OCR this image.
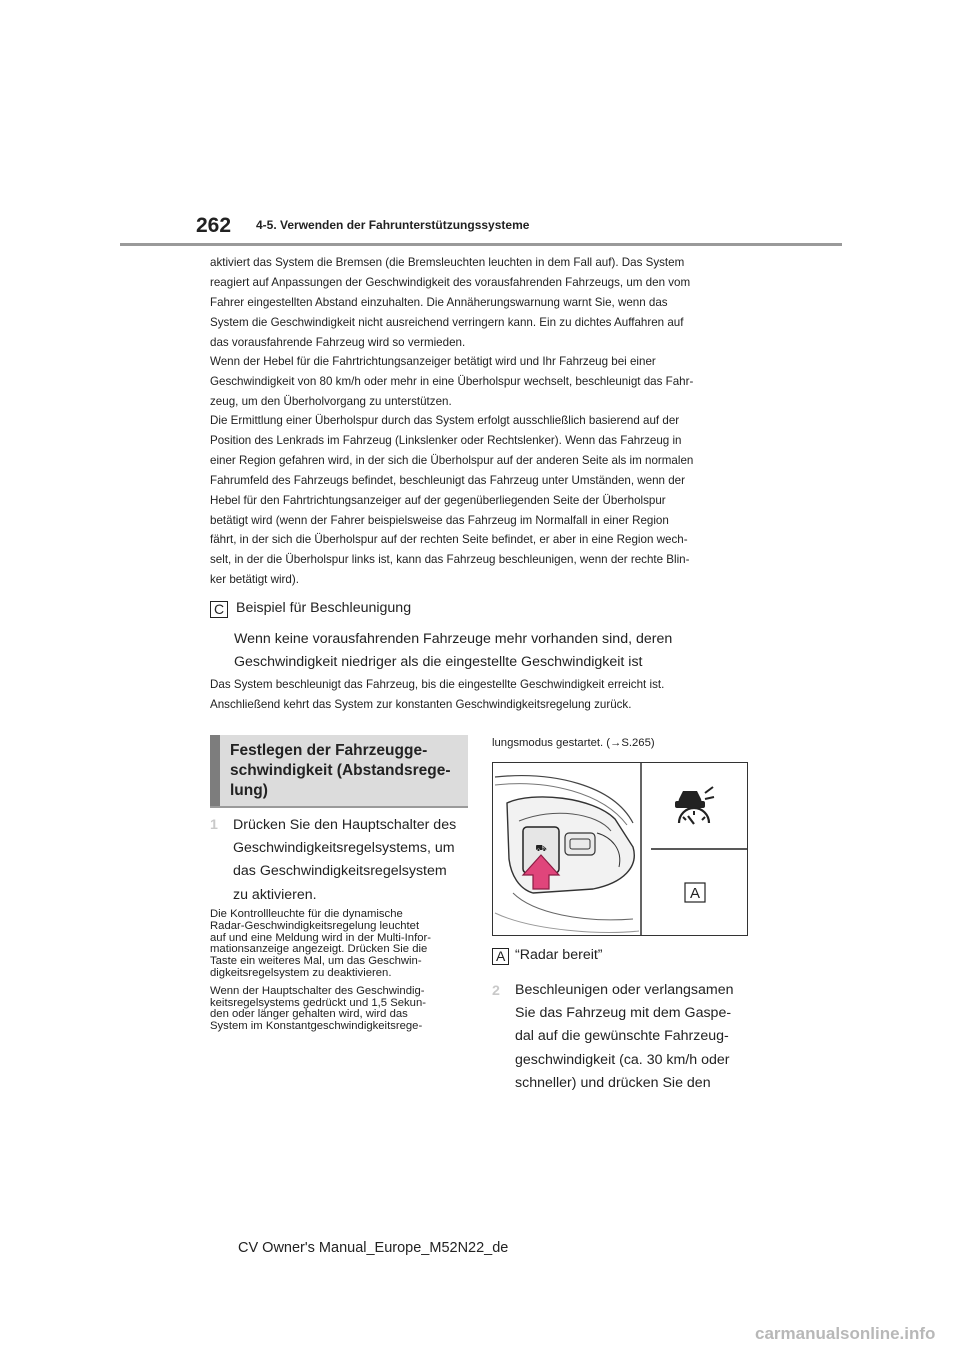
262 4-5. Verwenden der Fahrunterstützungssysteme
aktiviert das System die Bremsen (die Bremsleuchten leuchten in dem Fall auf). Das System
reagiert auf Anpassungen der Geschwindigkeit des vorausfahrenden Fahrzeugs, um den vom
Fahrer eingestellten Abstand einzuhalten. Die Annäherungswarnung warnt Sie, wenn das
System die Geschwindigkeit nicht ausreichend verringern kann. Ein zu dichtes Auffahren auf
das vorausfahrende Fahrzeug wird so vermieden.
Wenn der Hebel für die Fahrtrichtungsanzeiger betätigt wird und Ihr Fahrzeug bei einer
Geschwindigkeit von 80 km/h oder mehr in eine Überholspur wechselt, beschleunigt das Fahr-
zeug, um den Überholvorgang zu unterstützen.
Die Ermittlung einer Überholspur durch das System erfolgt ausschließlich basierend auf der
Position des Lenkrads im Fahrzeug (Linkslenker oder Rechtslenker). Wenn das Fahrzeug in
einer Region gefahren wird, in der sich die Überholspur auf der anderen Seite als im normalen
Fahrumfeld des Fahrzeugs befindet, beschleunigt das Fahrzeug unter Umständen, wenn der
Hebel für den Fahrtrichtungsanzeiger auf der gegenüberliegenden Seite der Überholspur
betätigt wird (wenn der Fahrer beispielsweise das Fahrzeug im Normalfall in einer Region
fährt, in der sich die Überholspur auf der rechten Seite befindet, er aber in eine Region wech-
selt, in der die Überholspur links ist, kann das Fahrzeug beschleunigen, wenn der rechte Blin-
ker betätigt wird).
C Beispiel für Beschleunigung
Wenn keine vorausfahrenden Fahrzeuge mehr vorhanden sind, deren
Geschwindigkeit niedriger als die eingestellte Geschwindigkeit ist
Das System beschleunigt das Fahrzeug, bis die eingestellte Geschwindigkeit erreicht ist.
Anschließend kehrt das System zur konstanten Geschwindigkeitsregelung zurück.
Festlegen der Fahrzeugge-
schwindigkeit (Abstandsrege-
lung)
1 Drücken Sie den Hauptschalter des
Geschwindigkeitsregelsystems, um
das Geschwindigkeitsregelsystem
zu aktivieren.
Die Kontrollleuchte für die dynamische
Radar-Geschwindigkeitsregelung leuchtet
auf und eine Meldung wird in der Multi-Infor-
mationsanzeige angezeigt. Drücken Sie die
Taste ein weiteres Mal, um das Geschwin-
digkeitsregelsystem zu deaktivieren.
Wenn der Hauptschalter des Geschwindig-
keitsregelsystems gedrückt und 1,5 Sekun-
den oder länger gehalten wird, wird das
System im Konstantgeschwindigkeitsrege-
lungsmodus gestartet. (→S.265)
⛟
A
A “Radar bereit”
2 Beschleunigen oder verlangsamen
Sie das Fahrzeug mit dem Gaspe-
dal auf die gewünschte Fahrzeug-
geschwindigkeit (ca. 30 km/h oder
schneller) und drücken Sie den
CV Owner's Manual_Europe_M52N22_de
carmanualsonline.info
